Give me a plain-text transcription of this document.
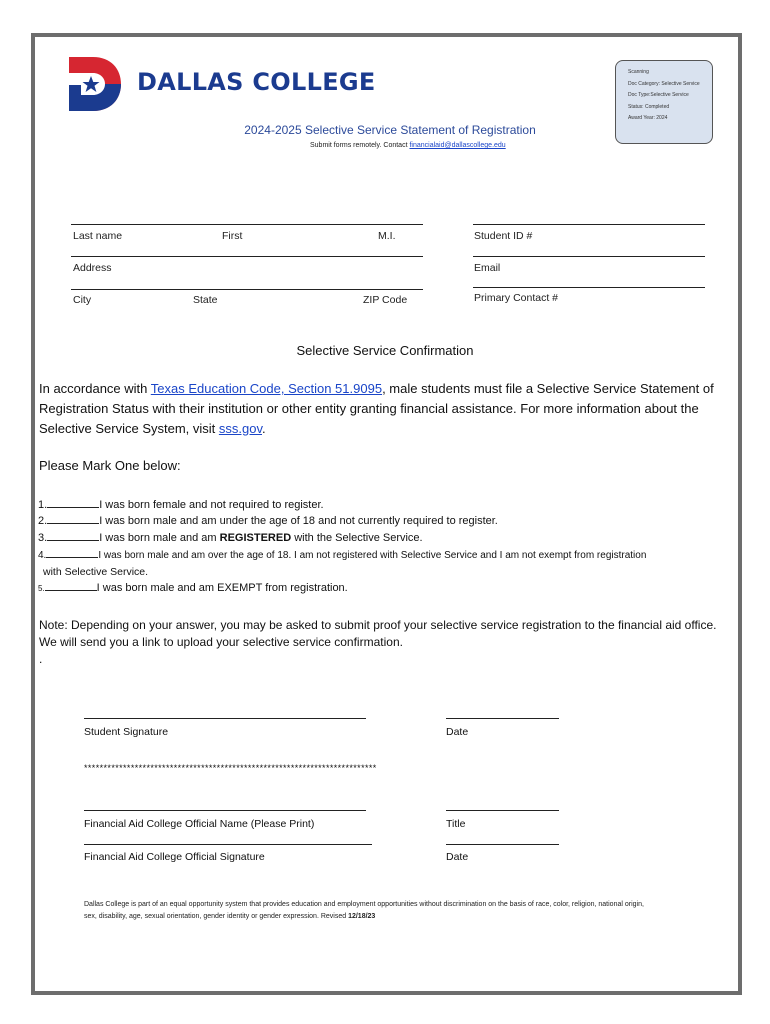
DALLAS COLLEGE	Scanning
Doc Category: Selective Service
Doc Type:Selective Service
Status: Completed
Award Year: 2024
2024-2025 Selective Service Statement of Registration
Submit forms remotely. Contact financialaid@dallascollege.edu
Last name	First	M.I.	Student ID #
Address	Email
City	State	ZIP Code	Primary Contact #
Selective Service Confirmation
In accordance with Texas Education Code, Section 51.9095, male students must file a Selective Service Statement of Registration Status with their institution or other entity granting financial assistance. For more information about the Selective Service System, visit sss.gov.
Please Mark One below:
1.	I was born female and not required to register.
2.	I was born male and am under the age of 18 and not currently required to register.
3.	I was born male and am REGISTERED with the Selective Service.
4.	I was born male and am over the age of 18. I am not registered with Selective Service and I am not exempt from registration
with Selective Service.
5.	I was born male and am EXEMPT from registration.
Note: Depending on your answer, you may be asked to submit proof your selective service registration to the financial aid office. We will send you a link to upload your selective service confirmation.
.
Student Signature	Date
***************************************************************************
Financial Aid College Official Name (Please Print)	Title
Financial Aid College Official Signature	Date
Dallas College is part of an equal opportunity system that provides education and employment opportunities without discrimination on the basis of race, color, religion, national origin, sex, disability, age, sexual orientation, gender identity or gender expression. Revised 12/18/23
